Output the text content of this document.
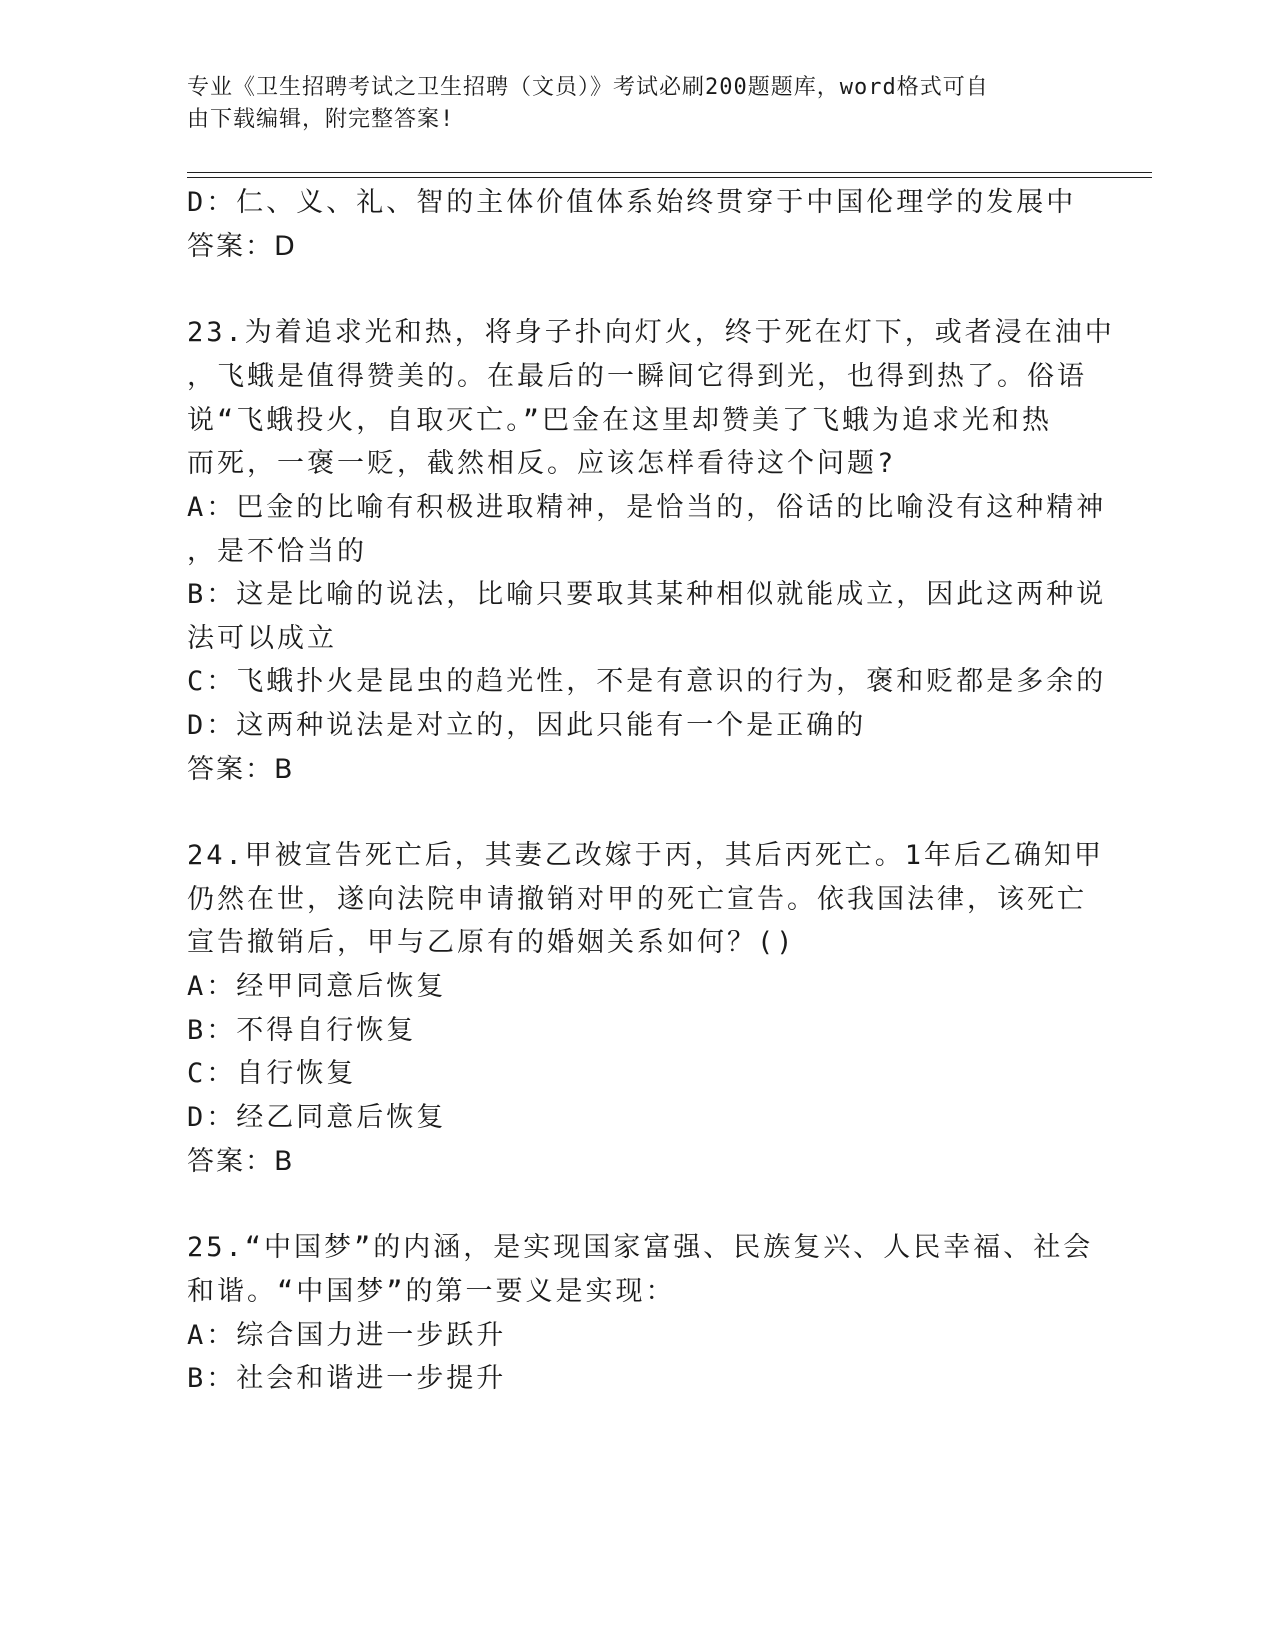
专业《卫生招聘考试之卫生招聘（文员）》考试必刷200题题库，word格式可自
由下载编辑，附完整答案!
D：仁、义、礼、智的主体价值体系始终贯穿于中国伦理学的发展中
答案：D
23.为着追求光和热，将身子扑向灯火，终于死在灯下，或者浸在油中
，飞蛾是值得赞美的。在最后的一瞬间它得到光，也得到热了。俗语
说“飞蛾投火，自取灭亡。”巴金在这里却赞美了飞蛾为追求光和热
而死，一褒一贬，截然相反。应该怎样看待这个问题?
A：巴金的比喻有积极进取精神，是恰当的，俗话的比喻没有这种精神
，是不恰当的
B：这是比喻的说法，比喻只要取其某种相似就能成立，因此这两种说
法可以成立
C：飞蛾扑火是昆虫的趋光性，不是有意识的行为，褒和贬都是多余的
D：这两种说法是对立的，因此只能有一个是正确的
答案：B
24.甲被宣告死亡后，其妻乙改嫁于丙，其后丙死亡。1年后乙确知甲
仍然在世，遂向法院申请撤销对甲的死亡宣告。依我国法律，该死亡
宣告撤销后，甲与乙原有的婚姻关系如何？()
A：经甲同意后恢复
B：不得自行恢复
C：自行恢复
D：经乙同意后恢复
答案：B
25.“中国梦”的内涵，是实现国家富强、民族复兴、人民幸福、社会
和谐。“中国梦”的第一要义是实现：
A：综合国力进一步跃升
B：社会和谐进一步提升
